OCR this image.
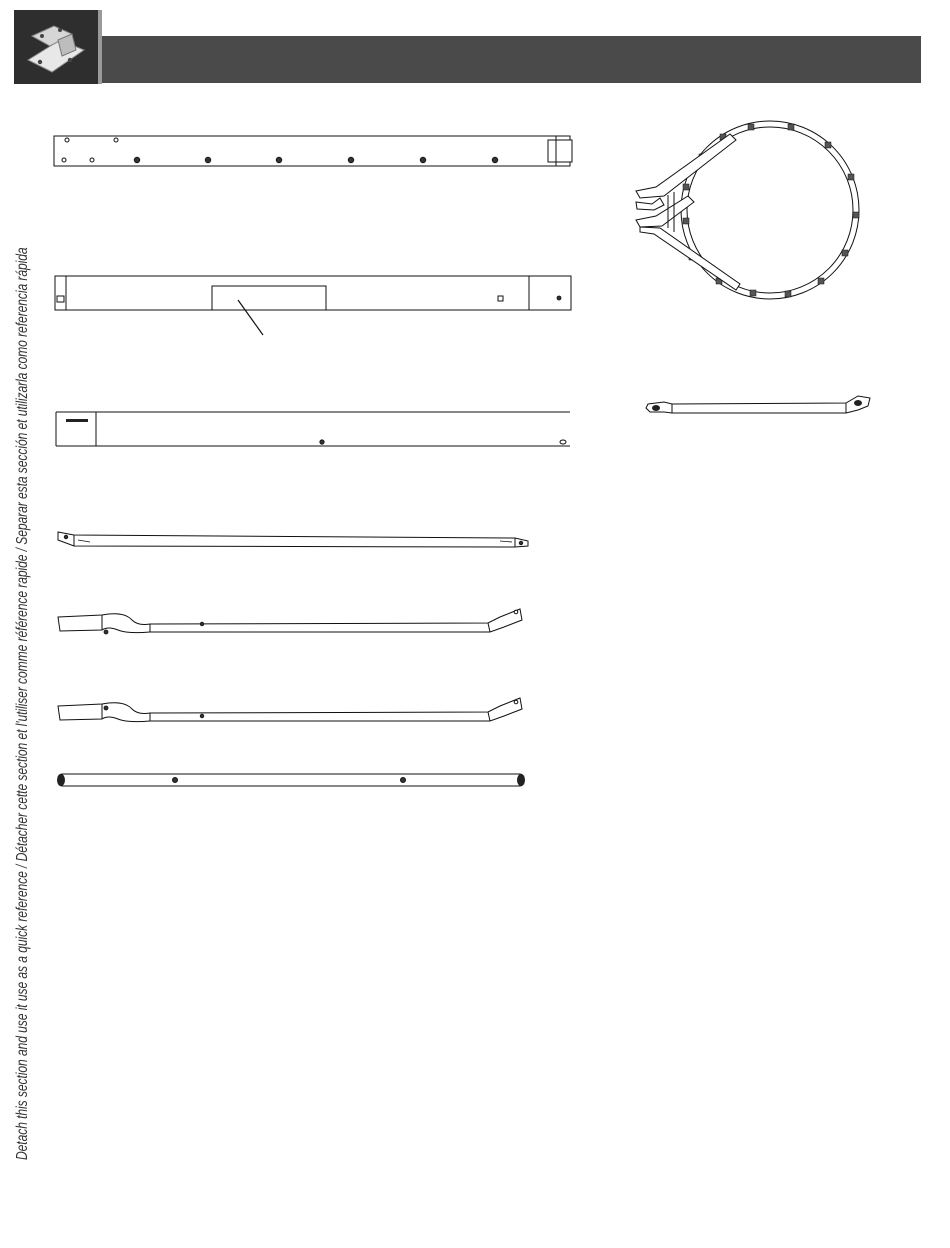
Detach this section and use it use as a quick reference / Détacher cette section et l'utiliser comme référence rapide / Separar esta sección et utilizarla como referencia rápida
